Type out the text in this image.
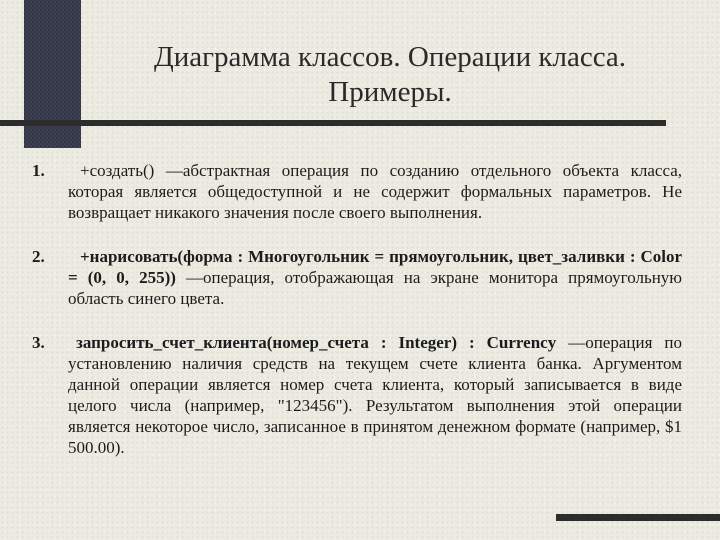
Диаграмма классов. Операции класса.
Примеры.
1.	+создать() —абстрактная операция по созданию отдельного объекта класса, которая является общедоступной и не содержит формальных параметров. Не возвращает никакого значения после своего выполнения.
2.	+нарисовать(форма : Многоугольник = прямоугольник, цвет_заливки : Color = (0, 0, 255)) —операция, отображающая на экране монитора прямоугольную область синего цвета.
3.	запросить_счет_клиента(номер_счета : Integer) : Currency —операция по установлению наличия средств на текущем счете клиента банка. Аргументом данной операции является номер счета клиента, который записывается в виде целого числа (например, "123456"). Результатом выполнения этой операции является некоторое число, записанное в принятом денежном формате (например, $1 500.00).
